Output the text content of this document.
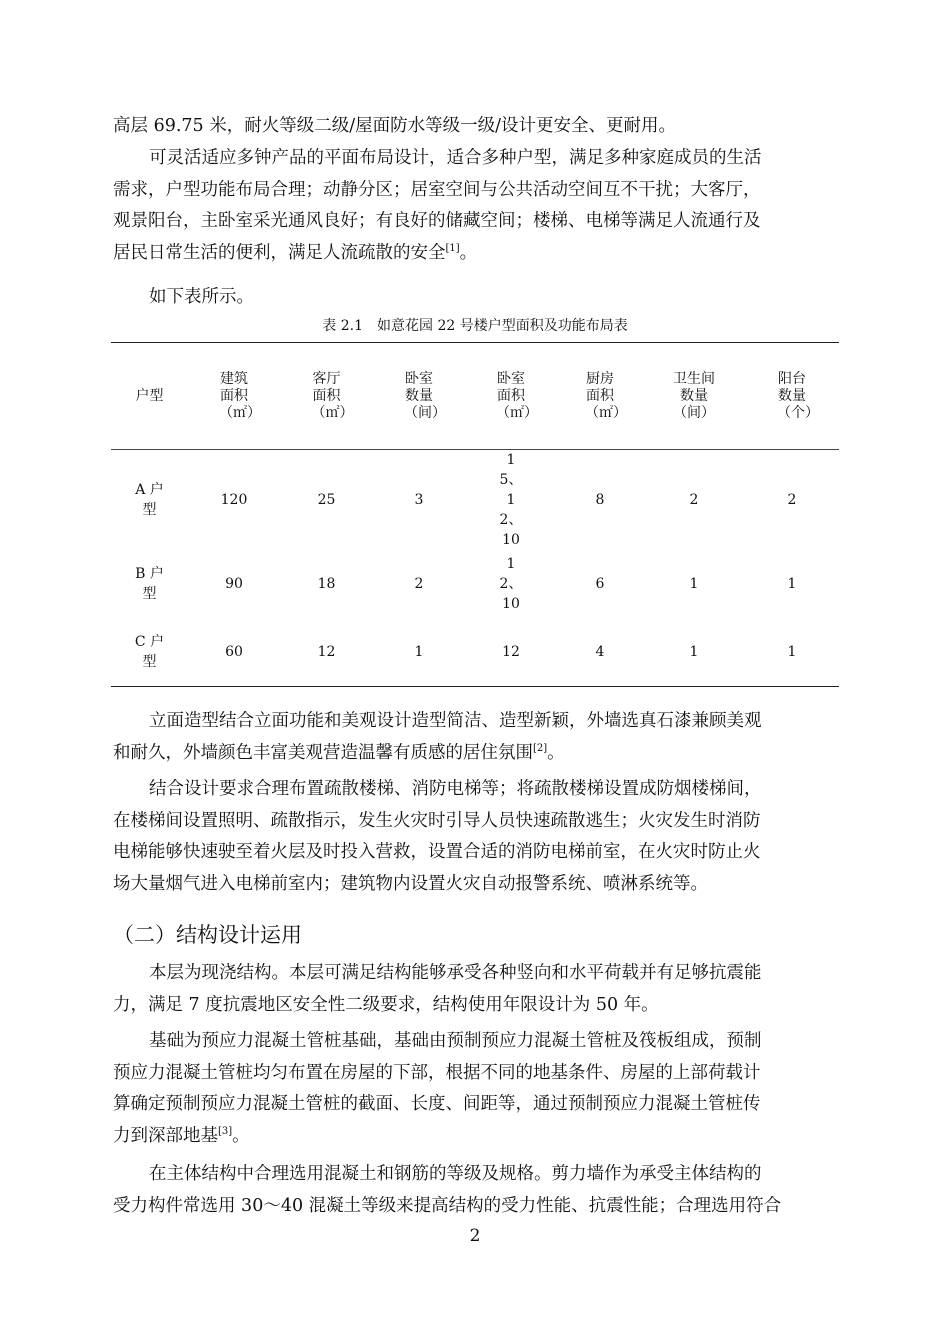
高层 69.75 米，耐火等级二级/屋面防水等级一级/设计更安全、更耐用。

可灵活适应多钟产品的平面布局设计，适合多种户型，满足多种家庭成员的生活
需求，户型功能布局合理；动静分区；居室空间与公共活动空间互不干扰；大客厅，
观景阳台，主卧室采光通风良好；有良好的储藏空间；楼梯、电梯等满足人流通行及
居民日常生活的便利，满足人流疏散的安全[1]。

如下表所示。

表 2.1　如意花园 22 号楼户型面积及功能布局表
户型	建筑面积（㎡）	客厅面积（㎡）	卧室数量（间）	卧室面积（㎡）	厨房面积（㎡）	卫生间数量（间）	阳台数量（个）

A 户型	120	25	3	15、12、10	8	2	2

B 户型	90	18	2	12、10	6	1	1

C 户型	60	12	1	12	4	1	1

立面造型结合立面功能和美观设计造型简洁、造型新颖，外墙选真石漆兼顾美观
和耐久，外墙颜色丰富美观营造温馨有质感的居住氛围[2]。

结合设计要求合理布置疏散楼梯、消防电梯等；将疏散楼梯设置成防烟楼梯间，
在楼梯间设置照明、疏散指示，发生火灾时引导人员快速疏散逃生；火灾发生时消防
电梯能够快速驶至着火层及时投入营救，设置合适的消防电梯前室，在火灾时防止火
场大量烟气进入电梯前室内；建筑物内设置火灾自动报警系统、喷淋系统等。

（二）结构设计运用

本层为现浇结构。本层可满足结构能够承受各种竖向和水平荷载并有足够抗震能
力，满足 7 度抗震地区安全性二级要求，结构使用年限设计为 50 年。

基础为预应力混凝土管桩基础，基础由预制预应力混凝土管桩及筏板组成，预制
预应力混凝土管桩均匀布置在房屋的下部，根据不同的地基条件、房屋的上部荷载计
算确定预制预应力混凝土管桩的截面、长度、间距等，通过预制预应力混凝土管桩传
力到深部地基[3]。

在主体结构中合理选用混凝土和钢筋的等级及规格。剪力墙作为承受主体结构的
受力构件常选用 30～40 混凝土等级来提高结构的受力性能、抗震性能；合理选用符合

2
